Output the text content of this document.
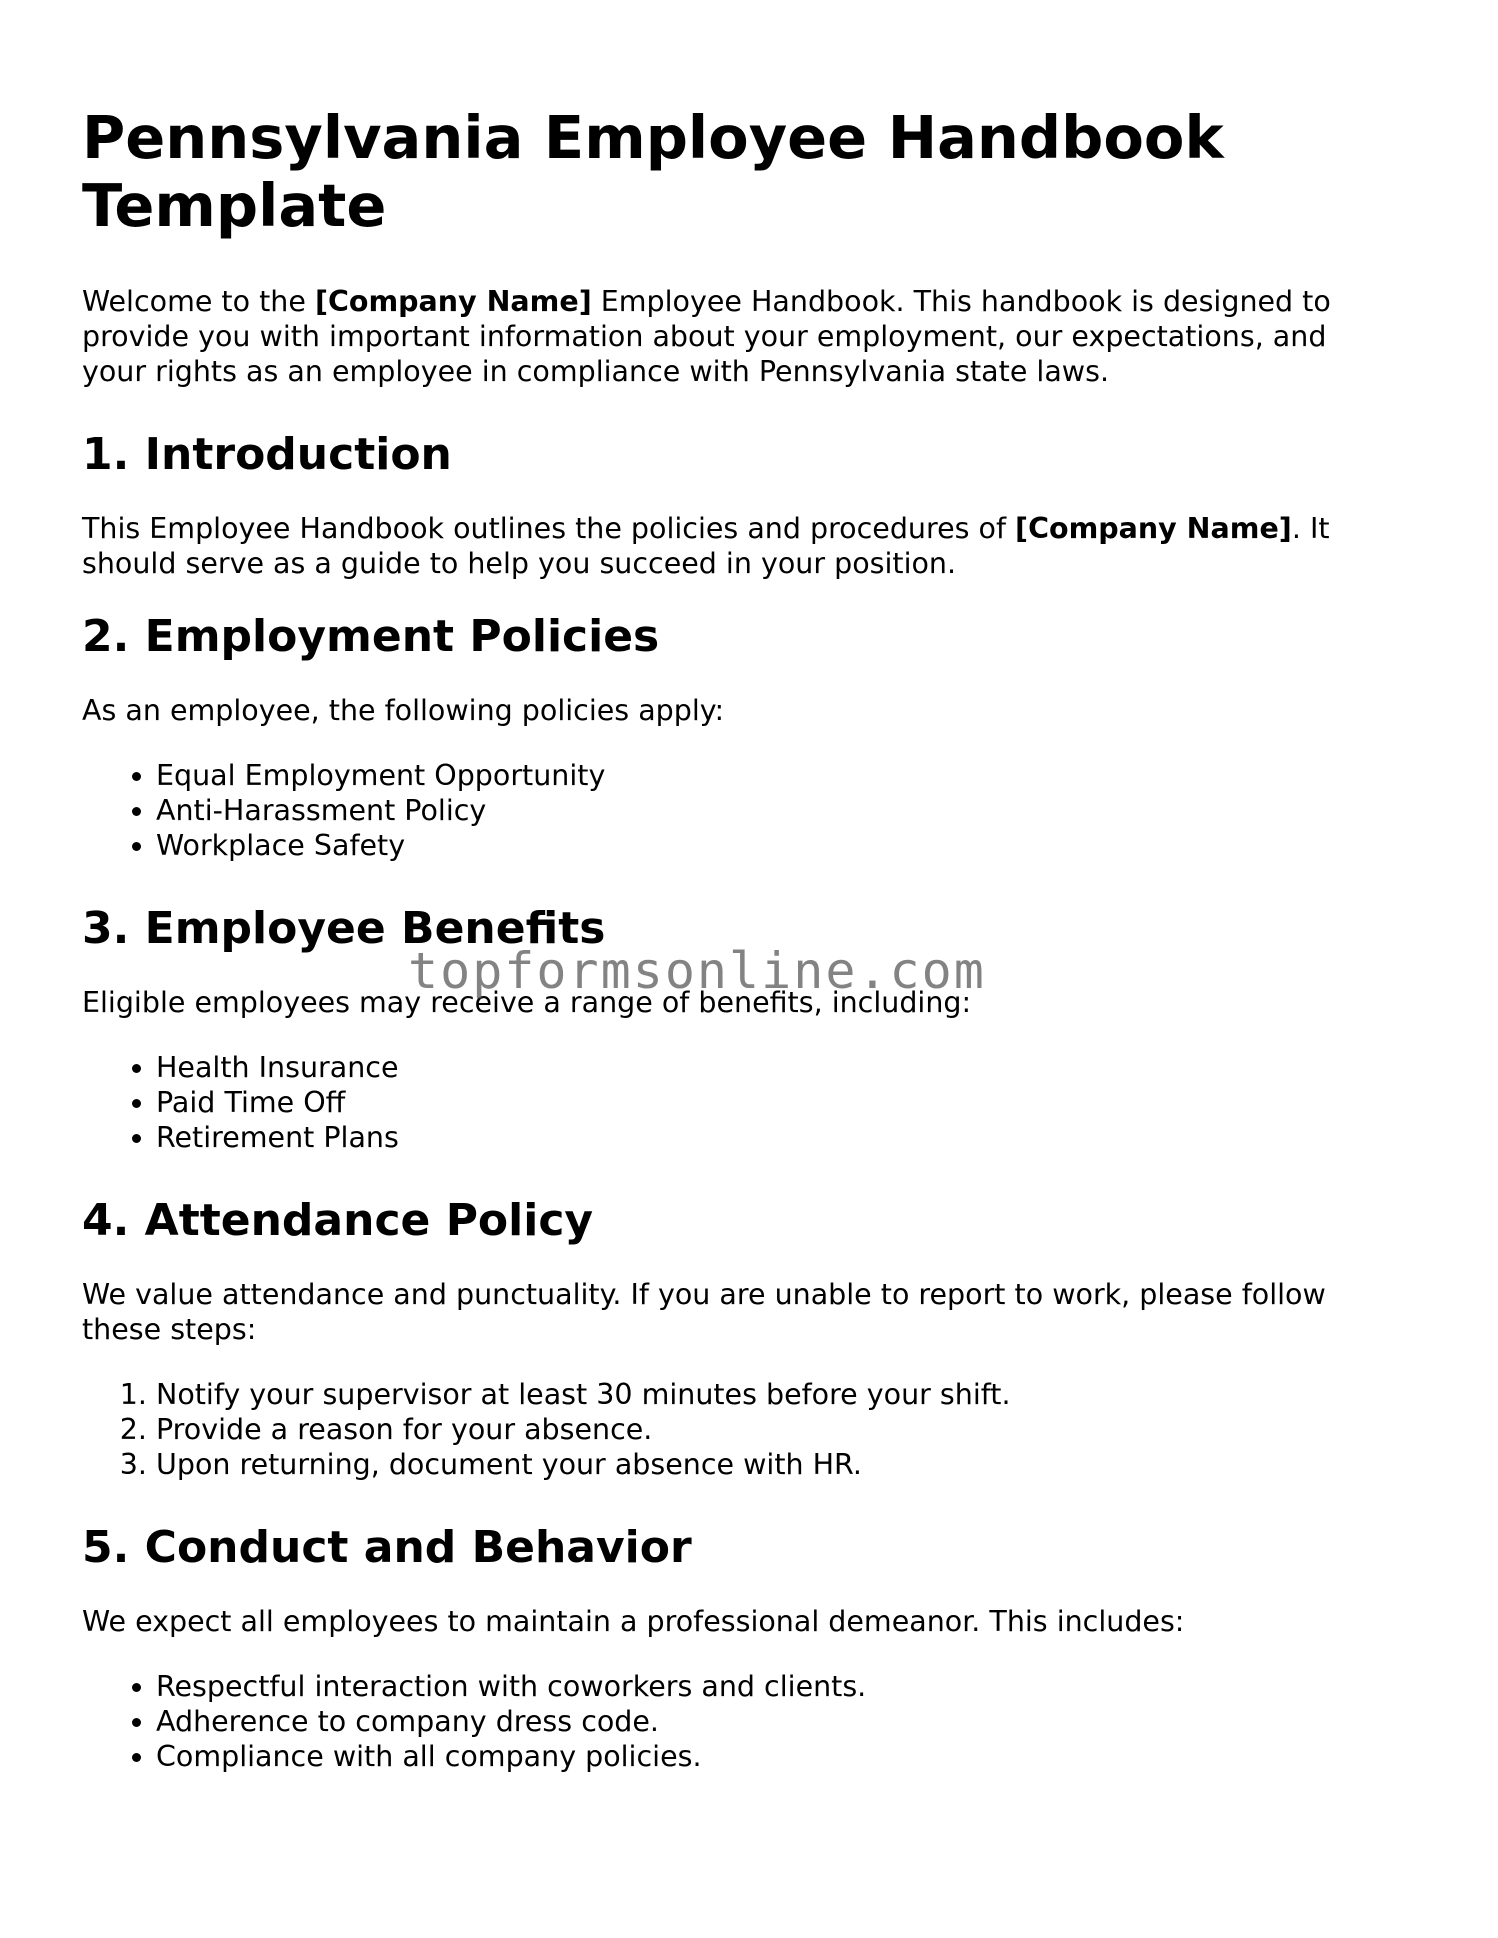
Pennsylvania Employee Handbook Template

Welcome to the [Company Name] Employee Handbook. This handbook is designed to provide you with important information about your employment, our expectations, and your rights as an employee in compliance with Pennsylvania state laws.

1. Introduction

This Employee Handbook outlines the policies and procedures of [Company Name]. It should serve as a guide to help you succeed in your position.

2. Employment Policies

As an employee, the following policies apply:

• Equal Employment Opportunity
• Anti-Harassment Policy
• Workplace Safety
3. Employee Benefits

Eligible employees may receive a range of benefits, including:

• Health Insurance
• Paid Time Off
• Retirement Plans
4. Attendance Policy

We value attendance and punctuality. If you are unable to report to work, please follow these steps:

1. Notify your supervisor at least 30 minutes before your shift.
2. Provide a reason for your absence.
3. Upon returning, document your absence with HR.
5. Conduct and Behavior

We expect all employees to maintain a professional demeanor. This includes:

• Respectful interaction with coworkers and clients.
• Adherence to company dress code.
• Compliance with all company policies.
topformsonline.com
